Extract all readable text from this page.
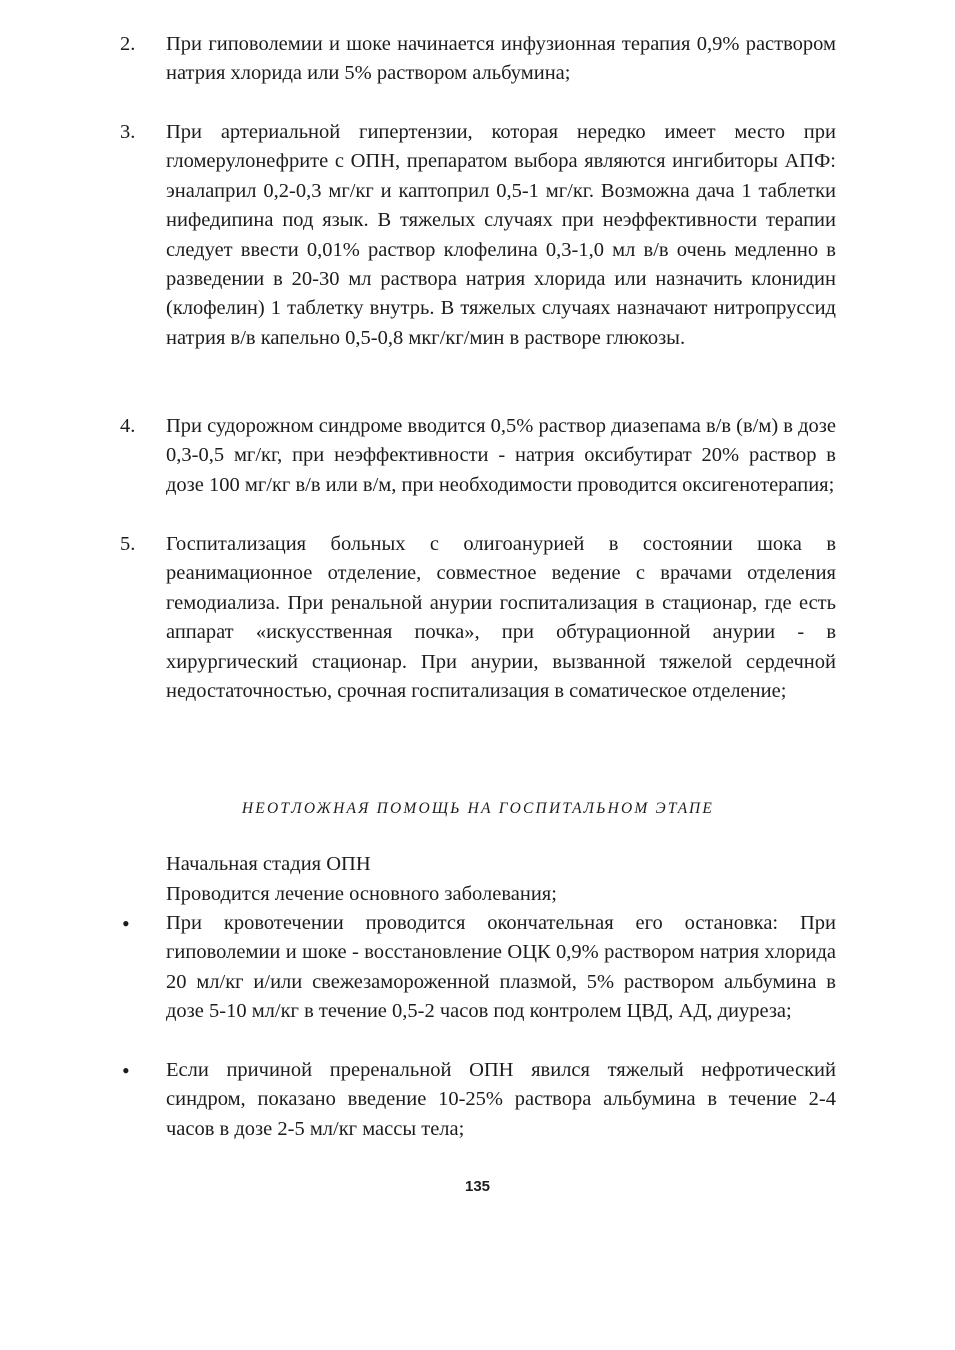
2.	При гиповолемии и шоке начинается инфузионная терапия 0,9% раствором натрия хлорида или 5% раствором альбумина;
3.	При артериальной гипертензии, которая нередко имеет место при гломерулонефрите с ОПН, препаратом выбора являются ингибиторы АПФ: эналаприл 0,2-0,3 мг/кг и каптоприл 0,5-1 мг/кг. Возможна дача 1 таблетки нифедипина под язык. В тяжелых случаях при неэффективности терапии следует ввести 0,01% раствор клофелина 0,3-1,0 мл в/в очень медленно в разведении в 20-30 мл раствора натрия хлорида или назначить клонидин (клофелин) 1 таблетку внутрь. В тяжелых случаях назначают нитропруссид натрия в/в капельно 0,5-0,8 мкг/кг/мин в растворе глюкозы.
4.	При судорожном синдроме вводится 0,5% раствор диазепама в/в (в/м) в дозе 0,3-0,5 мг/кг, при неэффективности - натрия оксибутират 20% раствор в дозе 100 мг/кг в/в или в/м, при необходимости проводится оксигенотерапия;
5.	Госпитализация больных с олигоанурией в состоянии шока в реанимационное отделение, совместное ведение с врачами отделения гемодиализа. При ренальной анурии госпитализация в стационар, где есть аппарат «искусственная почка», при обтурационной анурии - в хирургический стационар. При анурии, вызванной тяжелой сердечной недостаточностью, срочная госпитализация в соматическое отделение;
НЕОТЛОЖНАЯ ПОМОЩЬ НА ГОСПИТАЛЬНОМ ЭТАПЕ
Начальная стадия ОПН
Проводится лечение основного заболевания;
•	При кровотечении проводится окончательная его остановка: При гиповолемии и шоке - восстановление ОЦК 0,9% раствором натрия хлорида 20 мл/кг и/или свежезамороженной плазмой, 5% раствором альбумина в дозе 5-10 мл/кг в течение 0,5-2 часов под контролем ЦВД, АД, диуреза;
•	Если причиной преренальной ОПН явился тяжелый нефротический синдром, показано введение 10-25% раствора альбумина в течение 2-4 часов в дозе 2-5 мл/кг массы тела;
135
